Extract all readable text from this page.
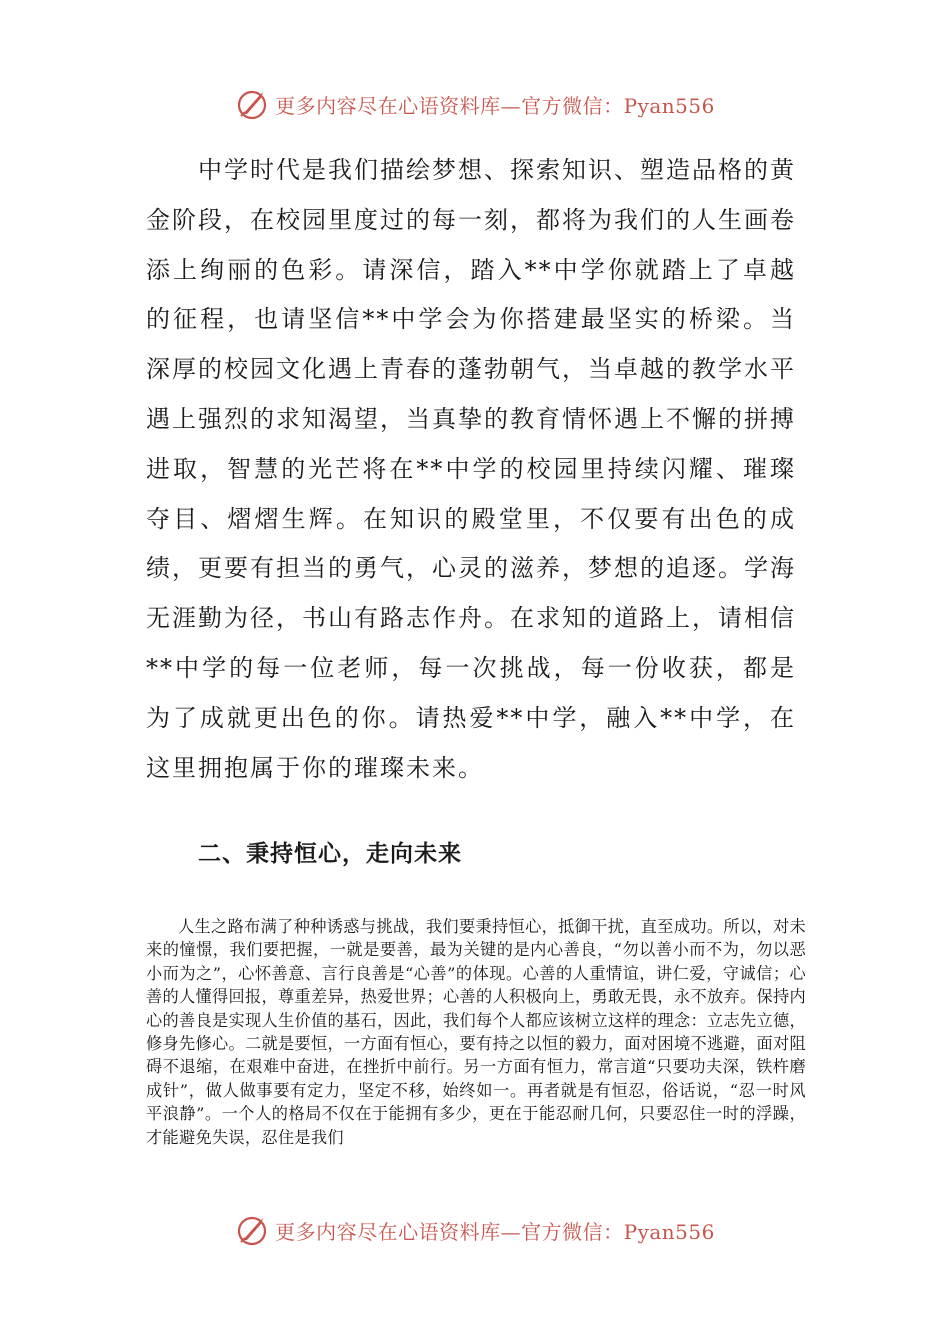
更多内容尽在心语资料库—官方微信：Pyan556

中学时代是我们描绘梦想、探索知识、塑造品格的黄金阶段，在校园里度过的每一刻，都将为我们的人生画卷添上绚丽的色彩。请深信，踏入**中学你就踏上了卓越的征程，也请坚信**中学会为你搭建最坚实的桥梁。当深厚的校园文化遇上青春的蓬勃朝气，当卓越的教学水平遇上强烈的求知渴望，当真挚的教育情怀遇上不懈的拼搏进取，智慧的光芒将在**中学的校园里持续闪耀、璀璨夺目、熠熠生辉。在知识的殿堂里，不仅要有出色的成绩，更要有担当的勇气，心灵的滋养，梦想的追逐。学海无涯勤为径，书山有路志作舟。在求知的道路上，请相信**中学的每一位老师，每一次挑战，每一份收获，都是为了成就更出色的你。请热爱**中学，融入**中学，在这里拥抱属于你的璀璨未来。

二、秉持恒心，走向未来

人生之路布满了种种诱惑与挑战，我们要秉持恒心，抵御干扰，直至成功。所以，对未来的憧憬，我们要把握，一就是要善，最为关键的是内心善良，“勿以善小而不为，勿以恶小而为之”，心怀善意、言行良善是“心善”的体现。心善的人重情谊，讲仁爱，守诚信；心善的人懂得回报，尊重差异，热爱世界；心善的人积极向上，勇敢无畏，永不放弃。保持内心的善良是实现人生价值的基石，因此，我们每个人都应该树立这样的理念：立志先立德，修身先修心。二就是要恒，一方面有恒心，要有持之以恒的毅力，面对困境不逃避，面对阻碍不退缩，在艰难中奋进，在挫折中前行。另一方面有恒力，常言道“只要功夫深，铁杵磨成针”，做人做事要有定力，坚定不移，始终如一。再者就是有恒忍，俗话说，“忍一时风平浪静”。一个人的格局不仅在于能拥有多少，更在于能忍耐几何，只要忍住一时的浮躁，才能避免失误，忍住是我们

更多内容尽在心语资料库—官方微信：Pyan556
